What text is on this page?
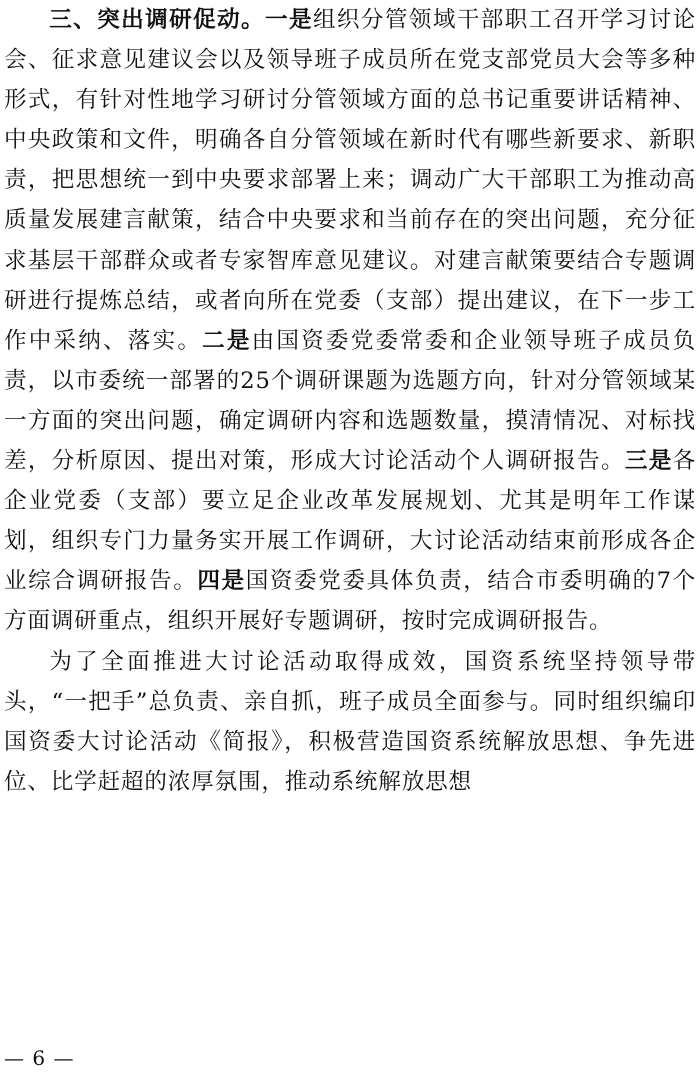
三、突出调研促动。一是组织分管领域干部职工召开学习讨论会、征求意见建议会以及领导班子成员所在党支部党员大会等多种形式，有针对性地学习研讨分管领域方面的总书记重要讲话精神、中央政策和文件，明确各自分管领域在新时代有哪些新要求、新职责，把思想统一到中央要求部署上来；调动广大干部职工为推动高质量发展建言献策，结合中央要求和当前存在的突出问题，充分征求基层干部群众或者专家智库意见建议。对建言献策要结合专题调研进行提炼总结，或者向所在党委（支部）提出建议，在下一步工作中采纳、落实。二是由国资委党委常委和企业领导班子成员负责，以市委统一部署的25个调研课题为选题方向，针对分管领域某一方面的突出问题，确定调研内容和选题数量，摸清情况、对标找差，分析原因、提出对策，形成大讨论活动个人调研报告。三是各企业党委（支部）要立足企业改革发展规划、尤其是明年工作谋划，组织专门力量务实开展工作调研，大讨论活动结束前形成各企业综合调研报告。四是国资委党委具体负责，结合市委明确的7个方面调研重点，组织开展好专题调研，按时完成调研报告。

为了全面推进大讨论活动取得成效，国资系统坚持领导带头，“一把手”总负责、亲自抓，班子成员全面参与。同时组织编印国资委大讨论活动《简报》，积极营造国资系统解放思想、争先进位、比学赶超的浓厚氛围，推动系统解放思想

— 6 —
